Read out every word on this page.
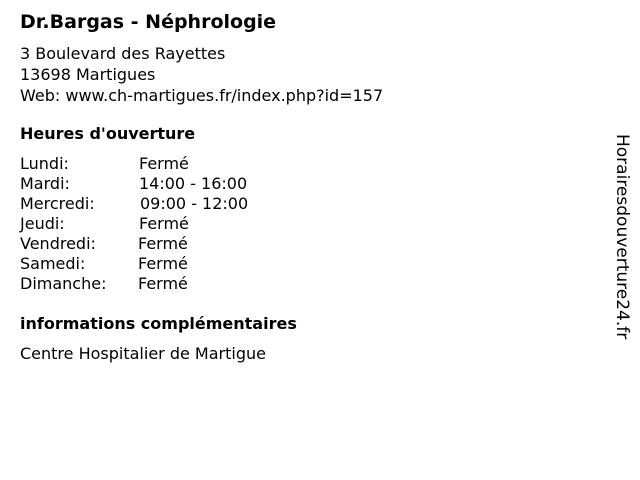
Dr.Bargas - Néphrologie
3 Boulevard des Rayettes
13698 Martigues
Web: www.ch-martigues.fr/index.php?id=157
Heures d'ouverture
Lundi:	Fermé
Mardi:	14:00 - 16:00
Mercredi:	09:00 - 12:00
Jeudi:	Fermé
Vendredi:	Fermé
Samedi:	Fermé
Dimanche: Fermé
informations complémentaires
Centre Hospitalier de Martigue
Horairesdouverture24.fr
